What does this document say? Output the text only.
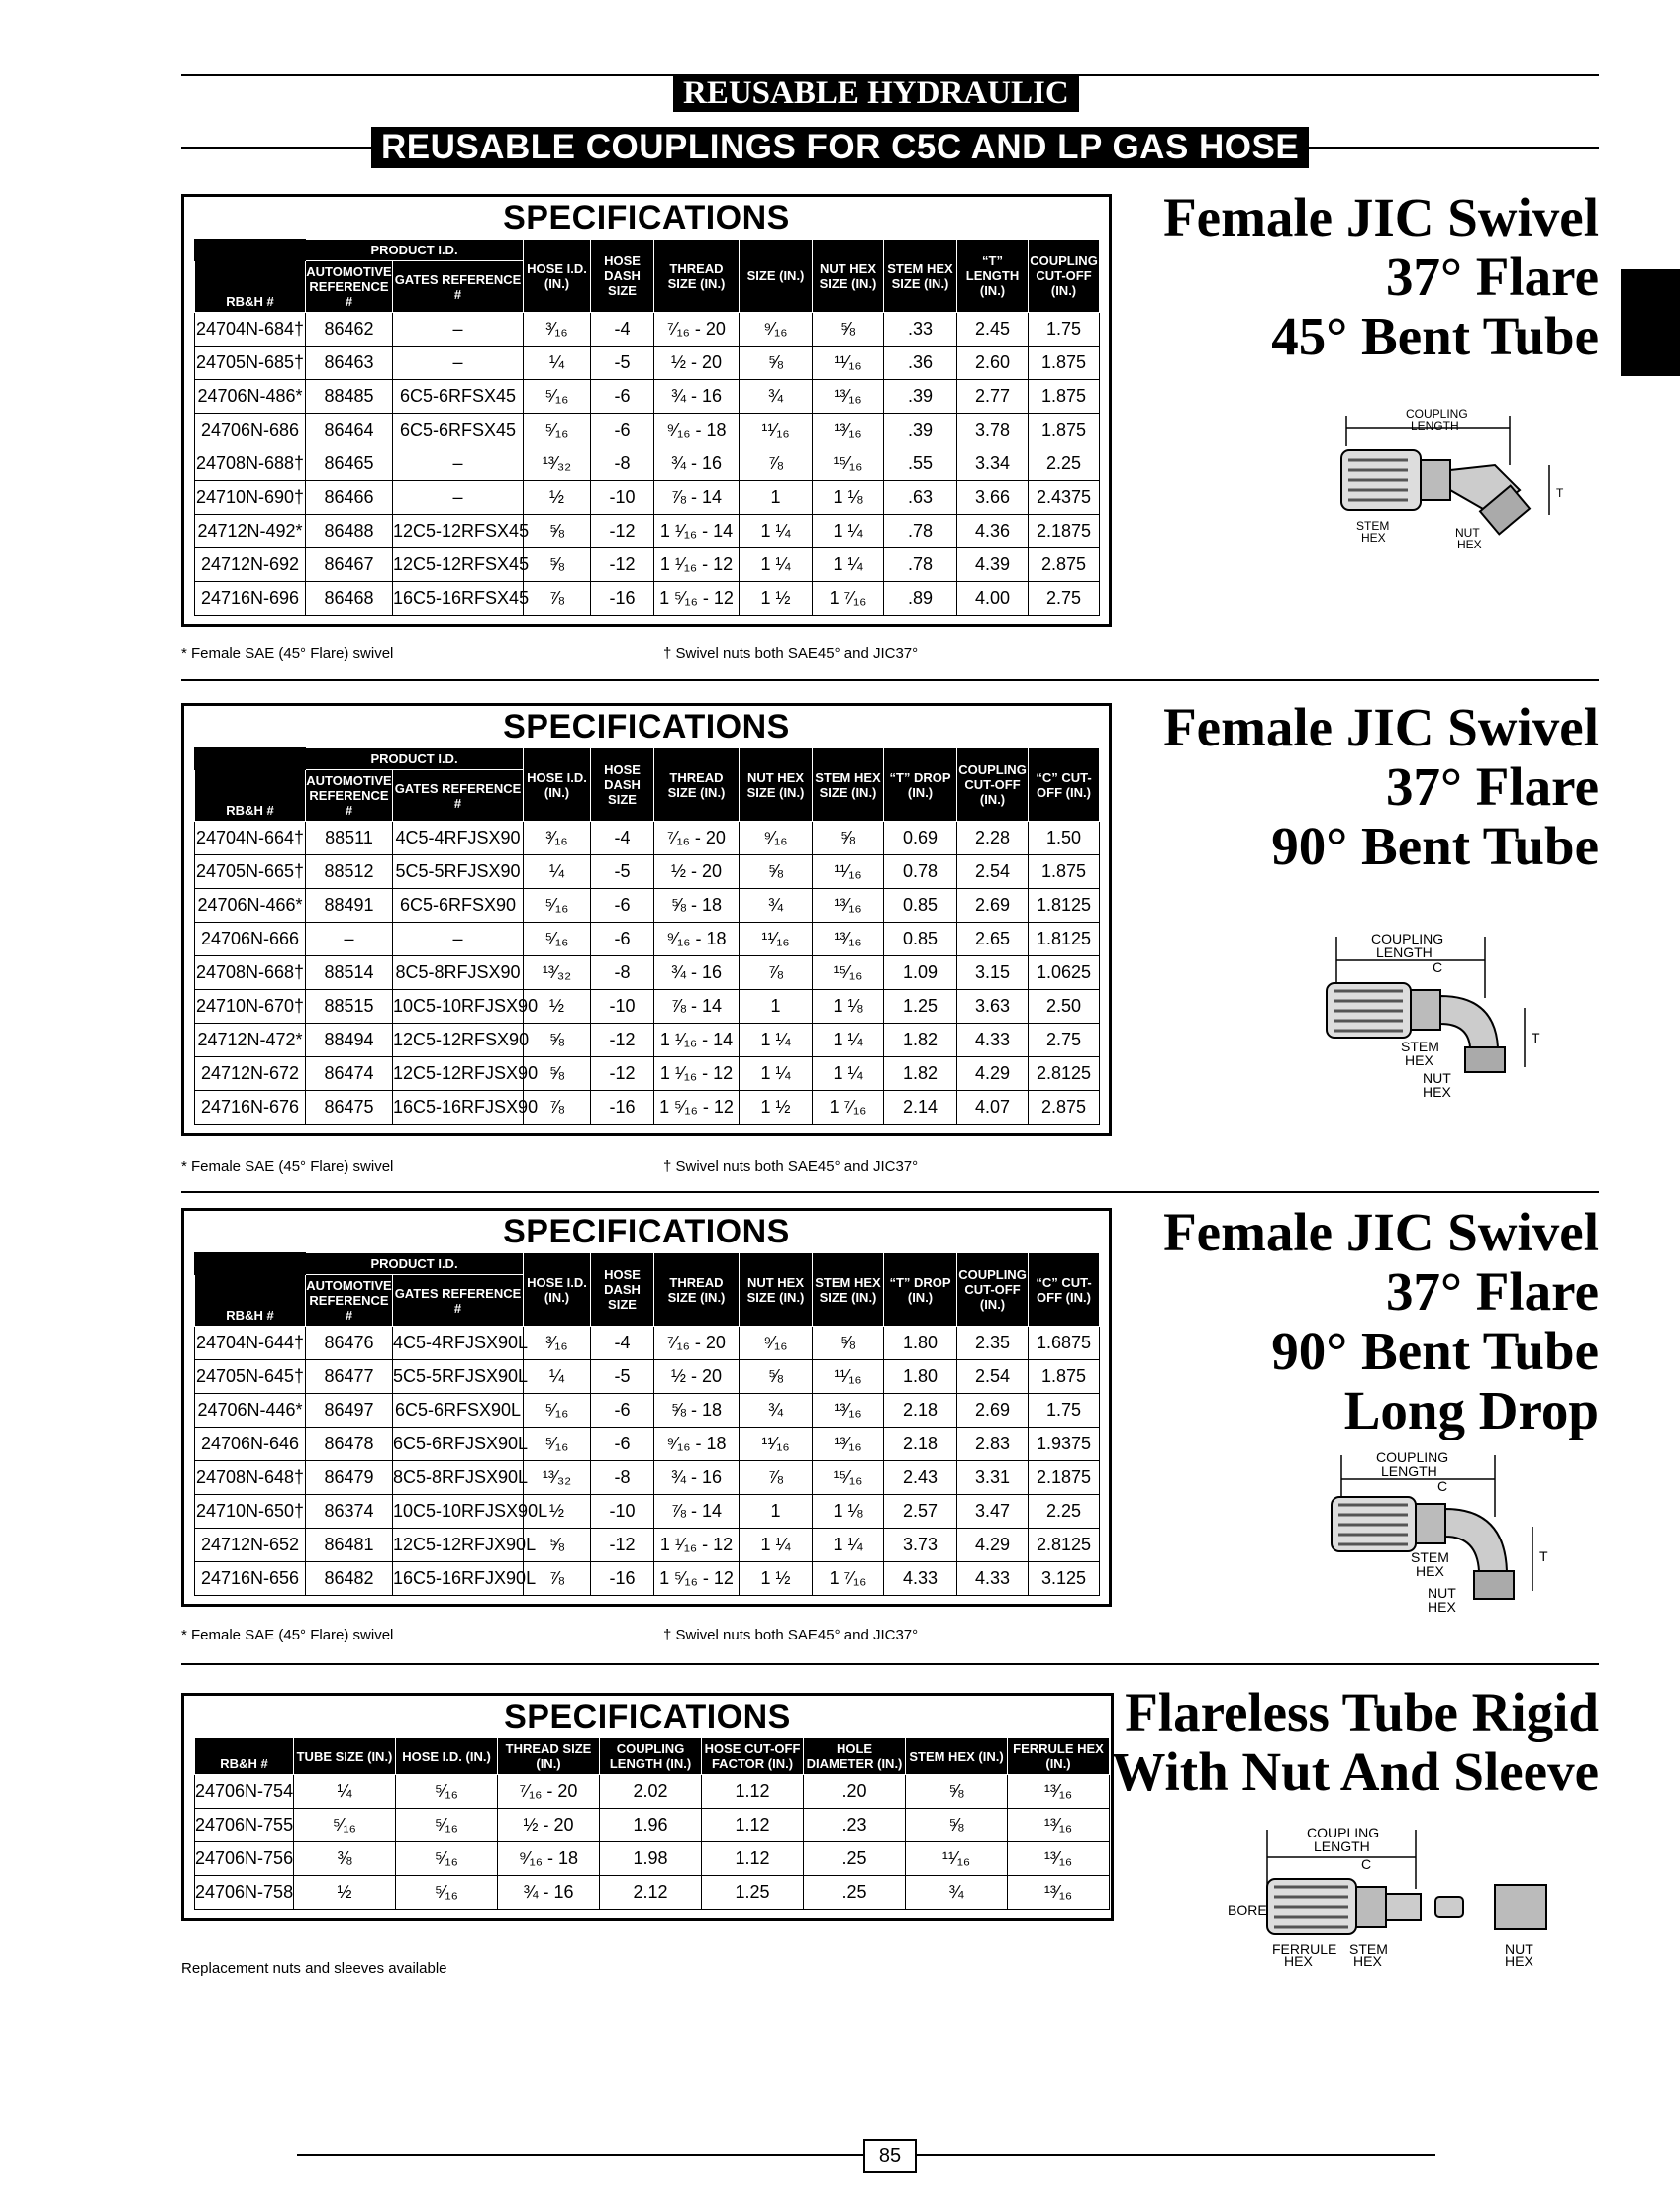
REUSABLE HYDRAULIC
REUSABLE COUPLINGS FOR C5C AND LP GAS HOSE
SPECIFICATIONS
	PRODUCT I.D.		HOSE I.D. (IN.)	HOSE DASH SIZE	THREAD SIZE (IN.)	SIZE (IN.)	NUT HEX SIZE (IN.)	STEM HEX SIZE (IN.)	“T” LENGTH (IN.)	COUPLING CUT-OFF (IN.)
RB&H #	AUTOMOTIVE REFERENCE #	GATES REFERENCE #								
24704N-684†	86462	–	³⁄₁₆	-4	⁷⁄₁₆ - 20	⁹⁄₁₆	⅝	.33	2.45	1.75
24705N-685†	86463	–	¼	-5	½ - 20	⅝	¹¹⁄₁₆	.36	2.60	1.875
24706N-486*	88485	6C5-6RFSX45	⁵⁄₁₆	-6	¾ - 16	¾	¹³⁄₁₆	.39	2.77	1.875
24706N-686	86464	6C5-6RFSX45	⁵⁄₁₆	-6	⁹⁄₁₆ - 18	¹¹⁄₁₆	¹³⁄₁₆	.39	3.78	1.875
24708N-688†	86465	–	¹³⁄₃₂	-8	¾ - 16	⅞	¹⁵⁄₁₆	.55	3.34	2.25
24710N-690†	86466	–	½	-10	⅞ - 14	1	1 ⅛	.63	3.66	2.4375
24712N-492*	86488	12C5-12RFSX45	⅝	-12	1 ¹⁄₁₆ - 14	1 ¼	1 ¼	.78	4.36	2.1875
24712N-692	86467	12C5-12RFSX45	⅝	-12	1 ¹⁄₁₆ - 12	1 ¼	1 ¼	.78	4.39	2.875
24716N-696	86468	16C5-16RFSX45	⅞	-16	1 ⁵⁄₁₆ - 12	1 ½	1 ⁷⁄₁₆	.89	4.00	2.75
* Female SAE (45° Flare) swivel	† Swivel nuts both SAE45° and JIC37°
Female JIC Swivel
37° Flare
45° Bent Tube
COUPLING
LENGTH
T
STEM
HEX	NUT
HEX
SPECIFICATIONS
	PRODUCT I.D.		HOSE I.D. (IN.)	HOSE DASH SIZE	THREAD SIZE (IN.)	NUT HEX SIZE (IN.)	STEM HEX SIZE (IN.)	“T” DROP (IN.)	COUPLING CUT-OFF (IN.)	“C” CUT-OFF (IN.)
RB&H #	AUTOMOTIVE REFERENCE #	GATES REFERENCE #								
24704N-664†	88511	4C5-4RFJSX90	³⁄₁₆	-4	⁷⁄₁₆ - 20	⁹⁄₁₆	⅝	0.69	2.28	1.50
24705N-665†	88512	5C5-5RFJSX90	¼	-5	½ - 20	⅝	¹¹⁄₁₆	0.78	2.54	1.875
24706N-466*	88491	6C5-6RFSX90	⁵⁄₁₆	-6	⅝ - 18	¾	¹³⁄₁₆	0.85	2.69	1.8125
24706N-666	–	–	⁵⁄₁₆	-6	⁹⁄₁₆ - 18	¹¹⁄₁₆	¹³⁄₁₆	0.85	2.65	1.8125
24708N-668†	88514	8C5-8RFJSX90	¹³⁄₃₂	-8	¾ - 16	⅞	¹⁵⁄₁₆	1.09	3.15	1.0625
24710N-670†	88515	10C5-10RFJSX90	½	-10	⅞ - 14	1	1 ⅛	1.25	3.63	2.50
24712N-472*	88494	12C5-12RFSX90	⅝	-12	1 ¹⁄₁₆ - 14	1 ¼	1 ¼	1.82	4.33	2.75
24712N-672	86474	12C5-12RFJSX90	⅝	-12	1 ¹⁄₁₆ - 12	1 ¼	1 ¼	1.82	4.29	2.8125
24716N-676	86475	16C5-16RFJSX90	⅞	-16	1 ⁵⁄₁₆ - 12	1 ½	1 ⁷⁄₁₆	2.14	4.07	2.875
* Female SAE (45° Flare) swivel	† Swivel nuts both SAE45° and JIC37°
Female JIC Swivel
37° Flare
90° Bent Tube
COUPLING
LENGTH
C
T
STEM
HEX
NUT
HEX
SPECIFICATIONS
	PRODUCT I.D.		HOSE I.D. (IN.)	HOSE DASH SIZE	THREAD SIZE (IN.)	NUT HEX SIZE (IN.)	STEM HEX SIZE (IN.)	“T” DROP (IN.)	COUPLING CUT-OFF (IN.)	“C” CUT-OFF (IN.)
RB&H #	AUTOMOTIVE REFERENCE #	GATES REFERENCE #								
24704N-644†	86476	4C5-4RFJSX90L	³⁄₁₆	-4	⁷⁄₁₆ - 20	⁹⁄₁₆	⅝	1.80	2.35	1.6875
24705N-645†	86477	5C5-5RFJSX90L	¼	-5	½ - 20	⅝	¹¹⁄₁₆	1.80	2.54	1.875
24706N-446*	86497	6C5-6RFSX90L	⁵⁄₁₆	-6	⅝ - 18	¾	¹³⁄₁₆	2.18	2.69	1.75
24706N-646	86478	6C5-6RFJSX90L	⁵⁄₁₆	-6	⁹⁄₁₆ - 18	¹¹⁄₁₆	¹³⁄₁₆	2.18	2.83	1.9375
24708N-648†	86479	8C5-8RFJSX90L	¹³⁄₃₂	-8	¾ - 16	⅞	¹⁵⁄₁₆	2.43	3.31	2.1875
24710N-650†	86374	10C5-10RFJSX90L	½	-10	⅞ - 14	1	1 ⅛	2.57	3.47	2.25
24712N-652	86481	12C5-12RFJX90L	⅝	-12	1 ¹⁄₁₆ - 12	1 ¼	1 ¼	3.73	4.29	2.8125
24716N-656	86482	16C5-16RFJX90L	⅞	-16	1 ⁵⁄₁₆ - 12	1 ½	1 ⁷⁄₁₆	4.33	4.33	3.125
* Female SAE (45° Flare) swivel	† Swivel nuts both SAE45° and JIC37°
Female JIC Swivel
37° Flare
90° Bent Tube
Long Drop
COUPLING
LENGTH
C
T
STEM
HEX
NUT
HEX
SPECIFICATIONS
RB&H #	TUBE SIZE (IN.)	HOSE I.D. (IN.)	THREAD SIZE (IN.)	COUPLING LENGTH (IN.)	HOSE CUT-OFF FACTOR (IN.)	HOLE DIAMETER (IN.)	STEM HEX (IN.)	FERRULE HEX (IN.)
24706N-754	¼	⁵⁄₁₆	⁷⁄₁₆ - 20	2.02	1.12	.20	⅝	¹³⁄₁₆
24706N-755	⁵⁄₁₆	⁵⁄₁₆	½ - 20	1.96	1.12	.23	⅝	¹³⁄₁₆
24706N-756	⅜	⁵⁄₁₆	⁹⁄₁₆ - 18	1.98	1.12	.25	¹¹⁄₁₆	¹³⁄₁₆
24706N-758	½	⁵⁄₁₆	¾ - 16	2.12	1.25	.25	¾	¹³⁄₁₆
Replacement nuts and sleeves available
Flareless Tube Rigid
With Nut And Sleeve
COUPLING
LENGTH
C
BORE
FERRULE
HEX
STEM
HEX
NUT
HEX
85
